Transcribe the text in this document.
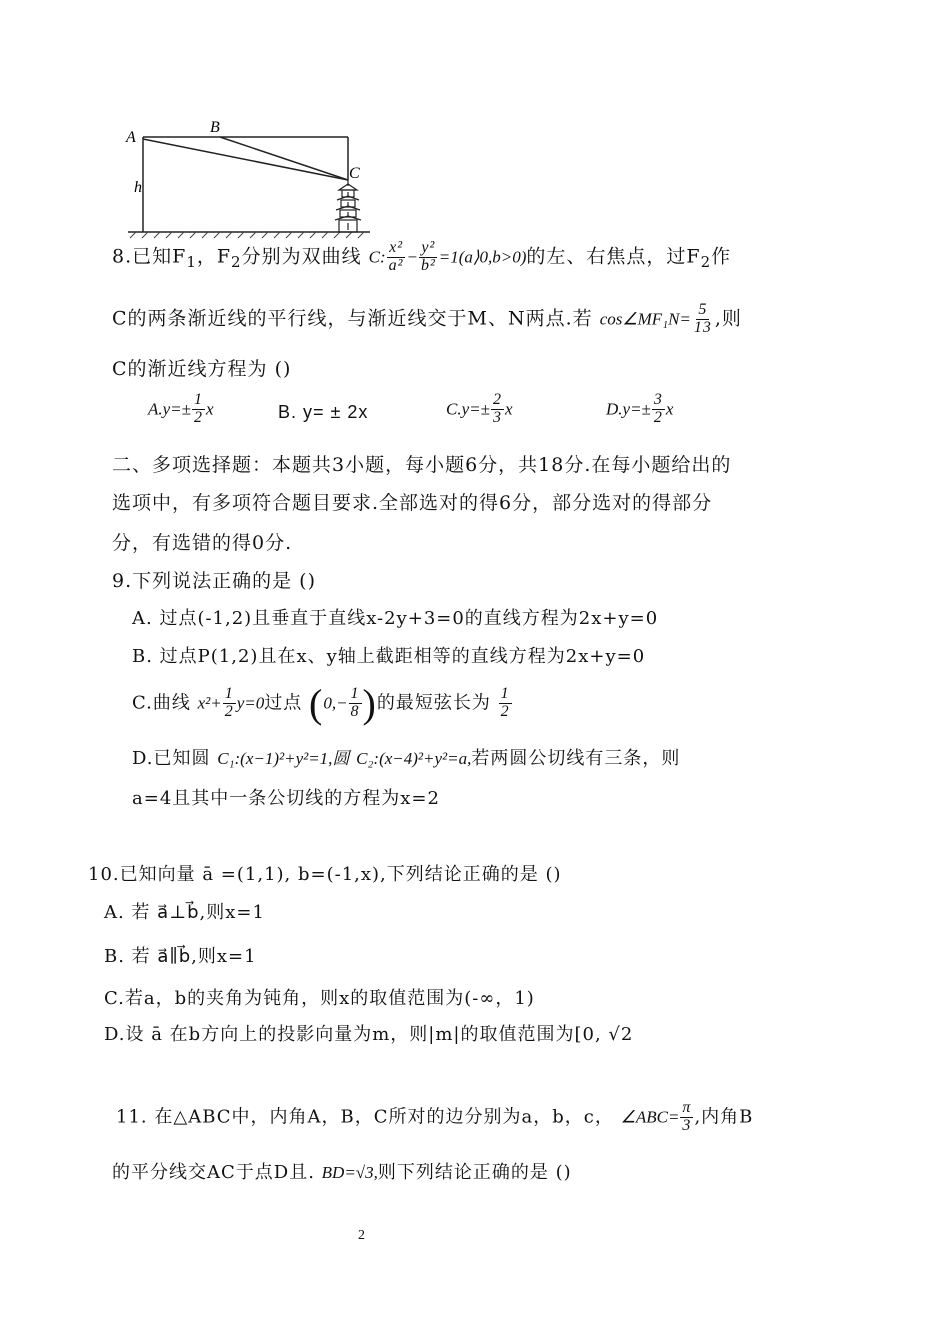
A
B
C
h
8.已知$F_1$，$F_2$分别为双曲线 C: $\frac{\text{x²}}{\text{a²}} - \frac{\text{y²}}{\text{b²}}$ =1(a⟩0,b>0)的左、右焦点，过$F_2$作
C的两条渐近线的平行线，与渐近线交于M、N两点.若 cos∠MF₁N= $\frac{5}{13}$ ,则
C的渐近线方程为 ()
$A.y=\pm \frac{1}{2}$ x	B. y= ± 2x	$C.y=\pm \frac{2}{3}$ x	$D.y=\pm \frac{3}{2}$ x
二、多项选择题：本题共3小题，每小题6分，共18分.在每小题给出的
选项中，有多项符合题目要求.全部选对的得6分，部分选对的得部分
分，有选错的得0分.
9.下列说法正确的是 ()
A. 过点(-1,2)且垂直于直线x-2y+3=0的直线方程为2x+y=0
B. 过点P(1,2)且在x、y轴上截距相等的直线方程为2x+y=0
C.曲线 $x^2+ \frac{1}{2} y=0$过点 ($0,- \frac{1}{8}$ )的最短弦长为 $\frac{1}{2}$
D.已知圆 C₁:(x−1)²+y²=1,圆 C₂:(x−4)²+y²=a,若两圆公切线有三条，则
a=4且其中一条公切线的方程为x=2
10.已知向量 ā =(1,1), b=(-1,x),下列结论正确的是 ()
A. 若 a⃗⊥b⃗,则x=1
B. 若 a⃗∥b⃗,则x=1
C.若a，b的夹角为钝角，则x的取值范围为(-∞，1)
D.设 ā 在b方向上的投影向量为m，则|m|的取值范围为[0, √2
11. 在△ABC中，内角A，B，C所对的边分别为a，b，c， ∠ABC= $\frac{\pi}{3}$ ,内角B
的平分线交AC于点D且. BD=√3,则下列结论正确的是 ()
2
